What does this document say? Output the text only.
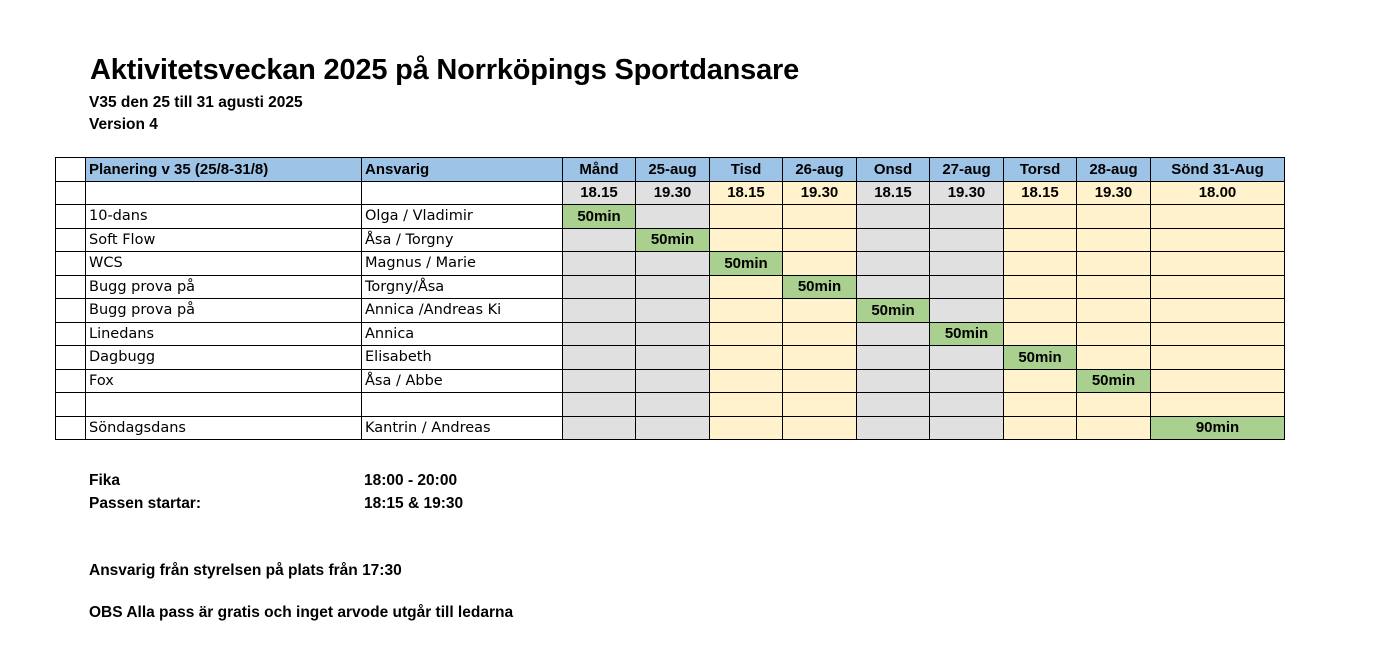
Aktivitetsveckan 2025 på Norrköpings Sportdansare
V35 den 25 till 31 agusti 2025
Version 4
	Planering v 35 (25/8-31/8)	Ansvarig	Månd	25-aug	Tisd	26-aug	Onsd	27-aug	Torsd	28-aug	Sönd 31-Aug
			18.15	19.30	18.15	19.30	18.15	19.30	18.15	19.30	18.00
	10-dans	Olga / Vladimir	50min								
	Soft Flow	Åsa / Torgny		50min							
	WCS	Magnus / Marie			50min						
	Bugg prova på	Torgny/Åsa				50min					
	Bugg prova på	Annica /Andreas Ki					50min				
	Linedans	Annica						50min			
	Dagbugg	Elisabeth							50min		
	Fox	Åsa / Abbe								50min	

	Söndagsdans	Kantrin / Andreas									90min
Fika	18:00 - 20:00
Passen startar:	18:15 & 19:30
Ansvarig från styrelsen på plats från 17:30
OBS Alla pass är gratis och inget arvode utgår till ledarna
